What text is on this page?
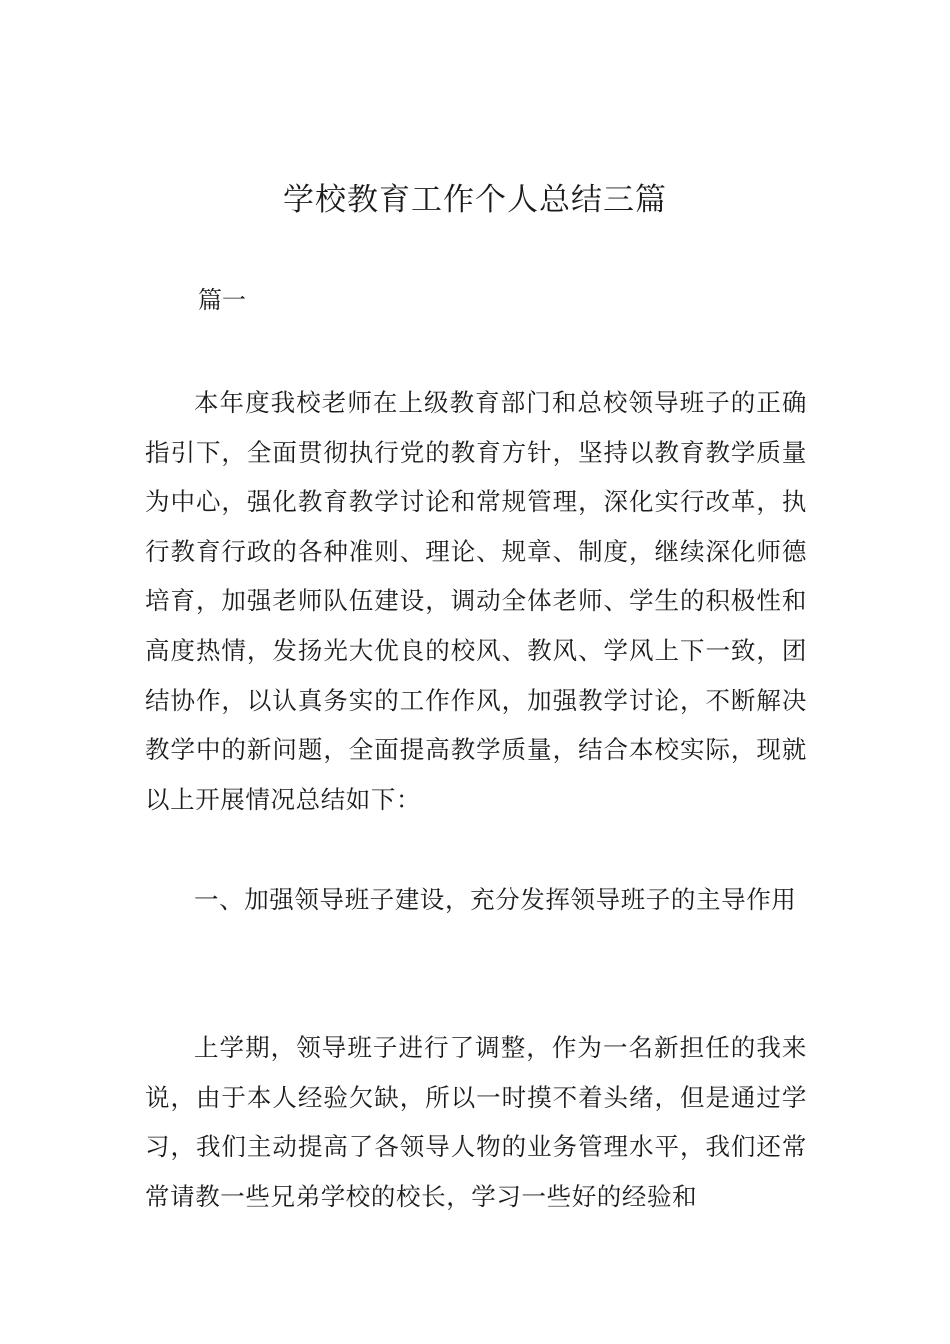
学校教育工作个人总结三篇

篇一

本年度我校老师在上级教育部门和总校领导班子的正确指引下，全面贯彻执行党的教育方针，坚持以教育教学质量为中心，强化教育教学讨论和常规管理，深化实行改革，执行教育行政的各种准则、理论、规章、制度，继续深化师德培育，加强老师队伍建设，调动全体老师、学生的积极性和高度热情，发扬光大优良的校风、教风、学风上下一致，团结协作，以认真务实的工作作风，加强教学讨论，不断解决教学中的新问题，全面提高教学质量，结合本校实际，现就以上开展情况总结如下：

一、加强领导班子建设，充分发挥领导班子的主导作用

上学期，领导班子进行了调整，作为一名新担任的我来说，由于本人经验欠缺，所以一时摸不着头绪，但是通过学习，我们主动提高了各领导人物的业务管理水平，我们还常常请教一些兄弟学校的校长，学习一些好的经验和
